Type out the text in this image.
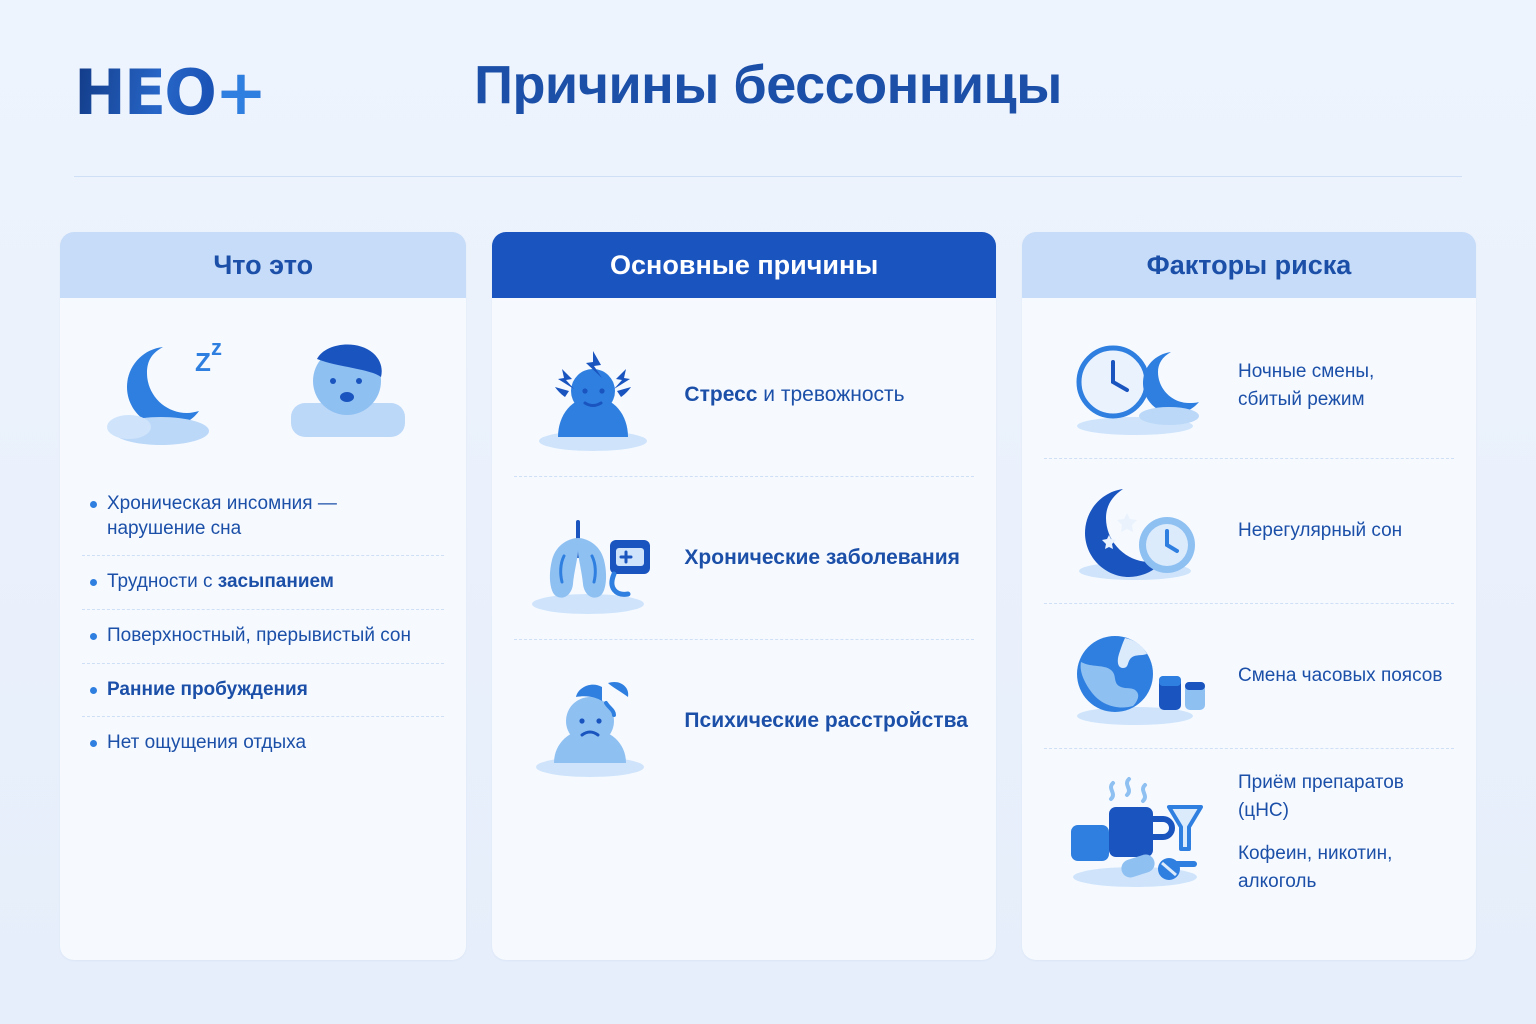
HEO+	Причины бессонницы
Что это
z
Z
Хроническая инсомния — нарушение сна
Трудности с засыпанием
Поверхностный, прерывистый сон
Ранние пробуждения
Нет ощущения отдыха
Основные причины
Стресс и тревожность
Хронические заболевания
Психические расстройства
Факторы риска
Ночные смены,
сбитый режим
Нерегулярный сон
Смена часовых поясов
Приём препаратов (цНС)
Кофеин, никотин,
алкоголь
